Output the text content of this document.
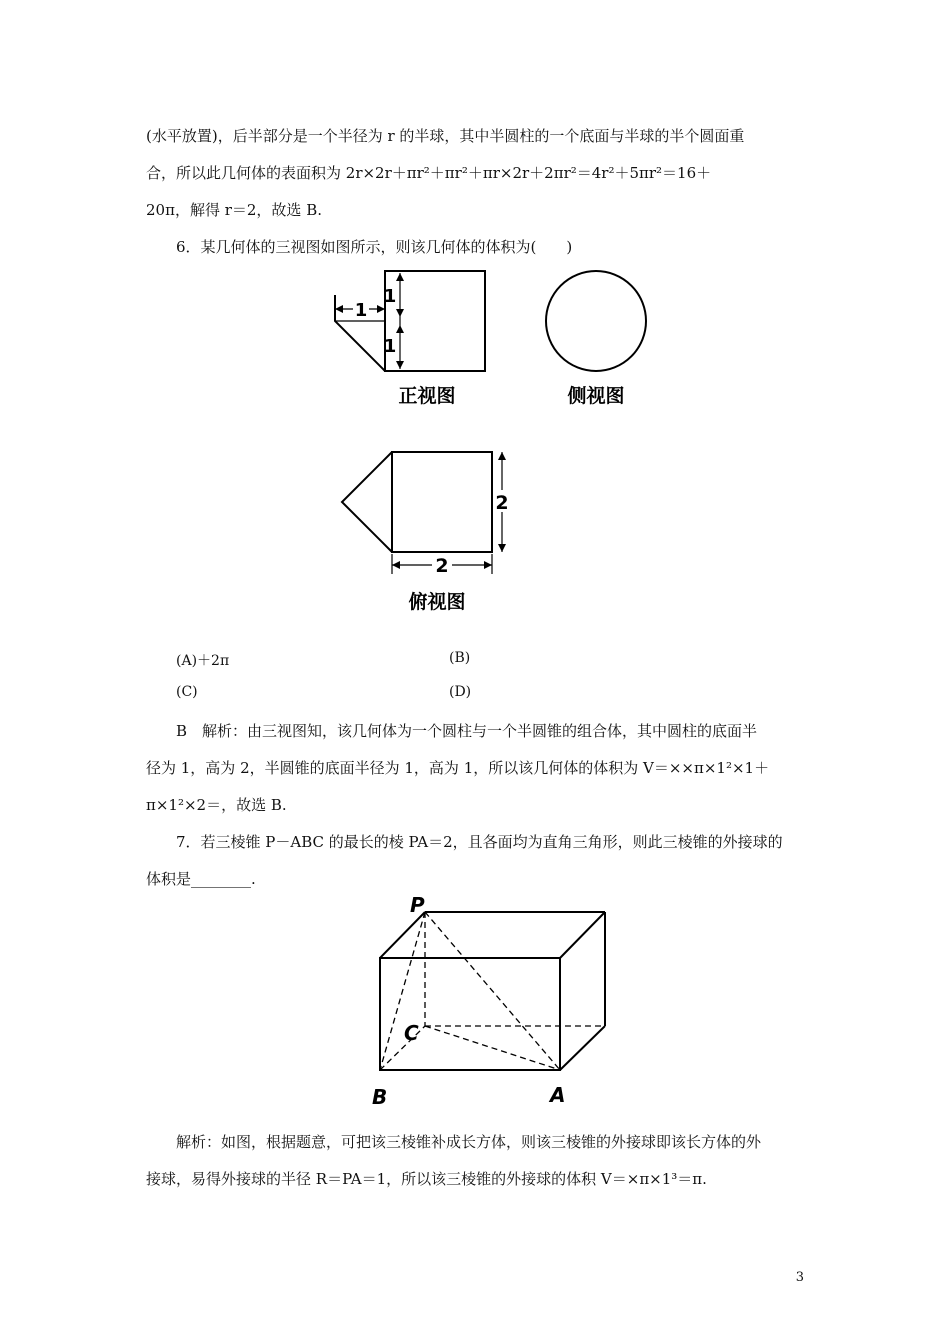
(水平放置)，后半部分是一个半径为 r 的半球，其中半圆柱的一个底面与半球的半个圆面重
合，所以此几何体的表面积为 2r×2r＋πr²＋πr²＋πr×2r＋2πr²＝4r²＋5πr²＝16＋
20π，解得 r＝2，故选 B.
6．某几何体的三视图如图所示，则该几何体的体积为(　　)
1
1
1
正视图	侧视图
2
2
俯视图
(A)＋2π	(B)
(C)	(D)
B　解析：由三视图知，该几何体为一个圆柱与一个半圆锥的组合体，其中圆柱的底面半
径为 1，高为 2，半圆锥的底面半径为 1，高为 1，所以该几何体的体积为 V＝××π×1²×1＋
π×1²×2＝，故选 B.
7．若三棱锥 P－ABC 的最长的棱 PA＝2，且各面均为直角三角形，则此三棱锥的外接球的
体积是________.
P
C
B	A
解析：如图，根据题意，可把该三棱锥补成长方体，则该三棱锥的外接球即该长方体的外
接球，易得外接球的半径 R＝PA＝1，所以该三棱锥的外接球的体积 V＝×π×1³＝π.
3
